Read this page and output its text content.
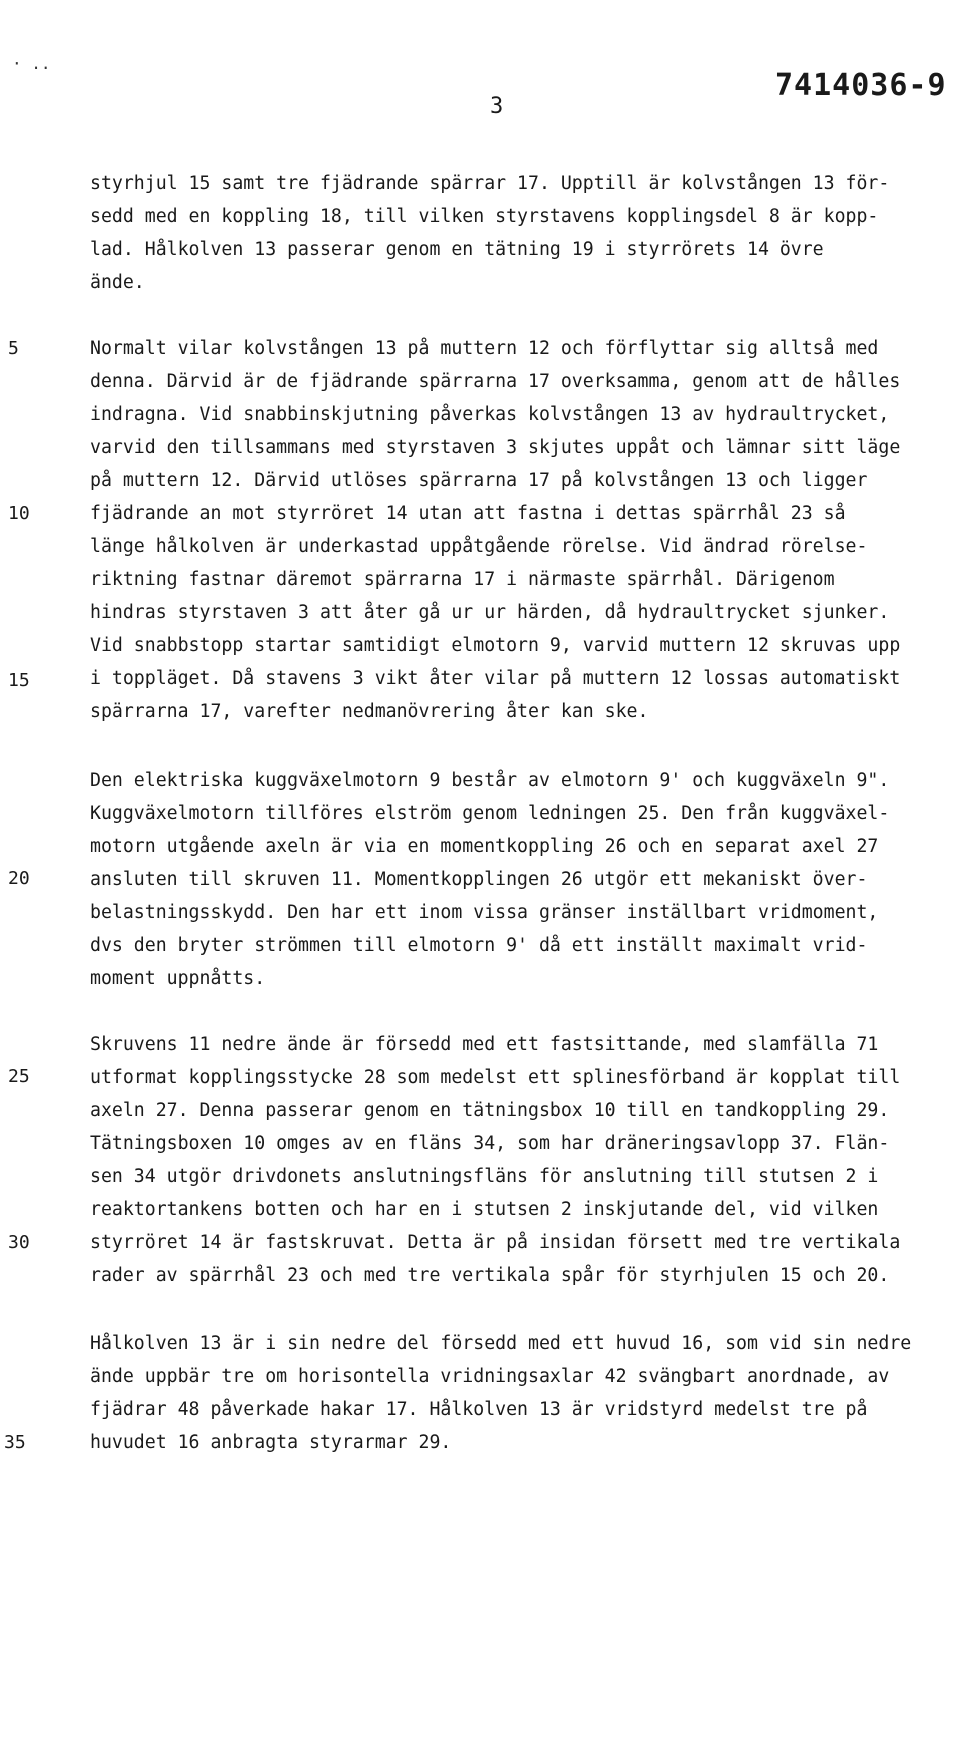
· ..
3
7414036-9
5
10
15
20
25
30
35
styrhjul 15 samt tre fjädrande spärrar 17. Upptill är kolvstången 13 för-
sedd med en koppling 18, till vilken styrstavens kopplingsdel 8 är kopp-
lad. Hålkolven 13 passerar genom en tätning 19 i styrrörets 14 övre
ände.
Normalt vilar kolvstången 13 på muttern 12 och förflyttar sig alltså med
denna. Därvid är de fjädrande spärrarna 17 overksamma, genom att de hålles
indragna. Vid snabbinskjutning påverkas kolvstången 13 av hydraultrycket,
varvid den tillsammans med styrstaven 3 skjutes uppåt och lämnar sitt läge
på muttern 12. Därvid utlöses spärrarna 17 på kolvstången 13 och ligger
fjädrande an mot styrröret 14 utan att fastna i dettas spärrhål 23 så
länge hålkolven är underkastad uppåtgående rörelse. Vid ändrad rörelse-
riktning fastnar däremot spärrarna 17 i närmaste spärrhål. Därigenom
hindras styrstaven 3 att åter gå ur ur härden, då hydraultrycket sjunker.
Vid snabbstopp startar samtidigt elmotorn 9, varvid muttern 12 skruvas upp
i toppläget. Då stavens 3 vikt åter vilar på muttern 12 lossas automatiskt
spärrarna 17, varefter nedmanövrering åter kan ske.
Den elektriska kuggväxelmotorn 9 består av elmotorn 9' och kuggväxeln 9".
Kuggväxelmotorn tillföres elström genom ledningen 25. Den från kuggväxel-
motorn utgående axeln är via en momentkoppling 26 och en separat axel 27
ansluten till skruven 11. Momentkopplingen 26 utgör ett mekaniskt över-
belastningsskydd. Den har ett inom vissa gränser inställbart vridmoment,
dvs den bryter strömmen till elmotorn 9' då ett inställt maximalt vrid-
moment uppnåtts.
Skruvens 11 nedre ände är försedd med ett fastsittande, med slamfälla 71
utformat kopplingsstycke 28 som medelst ett splinesförband är kopplat till
axeln 27. Denna passerar genom en tätningsbox 10 till en tandkoppling 29.
Tätningsboxen 10 omges av en fläns 34, som har dräneringsavlopp 37. Flän-
sen 34 utgör drivdonets anslutningsfläns för anslutning till stutsen 2 i
reaktortankens botten och har en i stutsen 2 inskjutande del, vid vilken
styrröret 14 är fastskruvat. Detta är på insidan försett med tre vertikala
rader av spärrhål 23 och med tre vertikala spår för styrhjulen 15 och 20.
Hålkolven 13 är i sin nedre del försedd med ett huvud 16, som vid sin nedre
ände uppbär tre om horisontella vridningsaxlar 42 svängbart anordnade, av
fjädrar 48 påverkade hakar 17. Hålkolven 13 är vridstyrd medelst tre på
huvudet 16 anbragta styrarmar 29.
